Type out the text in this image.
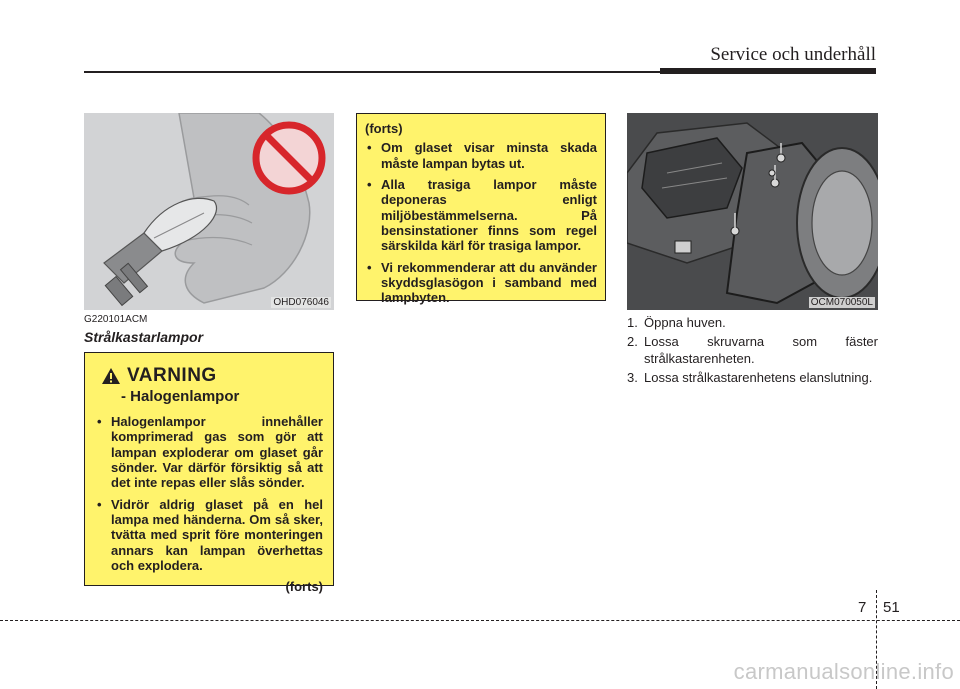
Service och underhåll
OHD076046
G220101ACM
Strålkastarlampor
VARNING
- Halogenlampor
• Halogenlampor innehåller komprimerad gas som gör att lampan exploderar om glaset går sönder. Var därför försiktig så att det inte repas eller slås sönder.
• Vidrör aldrig glaset på en hel lampa med händerna. Om så sker, tvätta med sprit före monteringen annars kan lampan överhettas och explodera.
(forts)
(forts)
• Om glaset visar minsta skada måste lampan bytas ut.
• Alla trasiga lampor måste deponeras enligt miljöbestämmelserna. På bensinstationer finns som regel särskilda kärl för trasiga lampor.
• Vi rekommenderar att du använder skyddsglasögon i samband med lampbyten.	OCM070050L
1. Öppna huven.
2. Lossa skruvarna som fäster strålkastarenheten.
3. Lossa strålkastarenhetens elanslutning.
7 51
carmanualsonline.info
